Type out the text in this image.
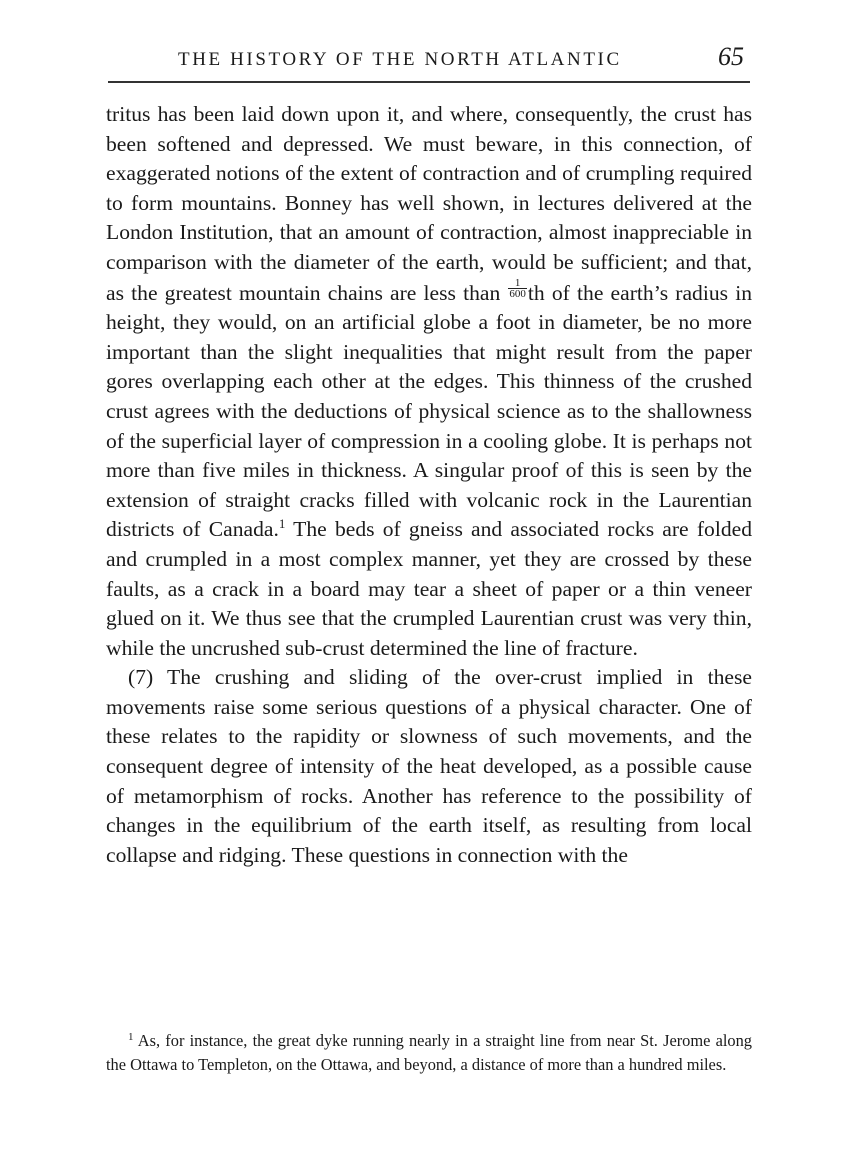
THE HISTORY OF THE NORTH ATLANTIC	65

tritus has been laid down upon it, and where, consequently, the crust has been softened and depressed. We must beware, in this connection, of exaggerated notions of the extent of contraction and of crumpling required to form mountains. Bonney has well shown, in lectures delivered at the London Institution, that an amount of contraction, almost inappreciable in comparison with the diameter of the earth, would be sufficient; and that, as the greatest mountain chains are less than $\frac{1}{600}$ th of the earth’s radius in height, they would, on an artificial globe a foot in diameter, be no more important than the slight inequalities that might result from the paper gores overlapping each other at the edges. This thinness of the crushed crust agrees with the deductions of physical science as to the shallowness of the superficial layer of compression in a cooling globe. It is perhaps not more than five miles in thickness. A singular proof of this is seen by the extension of straight cracks filled with volcanic rock in the Laurentian districts of Canada.$^1$ The beds of gneiss and associated rocks are folded and crumpled in a most complex manner, yet they are crossed by these faults, as a crack in a board may tear a sheet of paper or a thin veneer glued on it. We thus see that the crumpled Laurentian crust was very thin, while the uncrushed sub-crust determined the line of fracture.

(7) The crushing and sliding of the over-crust implied in these movements raise some serious questions of a physical character. One of these relates to the rapidity or slowness of such movements, and the consequent degree of intensity of the heat developed, as a possible cause of metamorphism of rocks. Another has reference to the possibility of changes in the equilibrium of the earth itself, as resulting from local collapse and ridging. These questions in connection with the

$^1$ As, for instance, the great dyke running nearly in a straight line from near St. Jerome along the Ottawa to Templeton, on the Ottawa, and beyond, a distance of more than a hundred miles.
